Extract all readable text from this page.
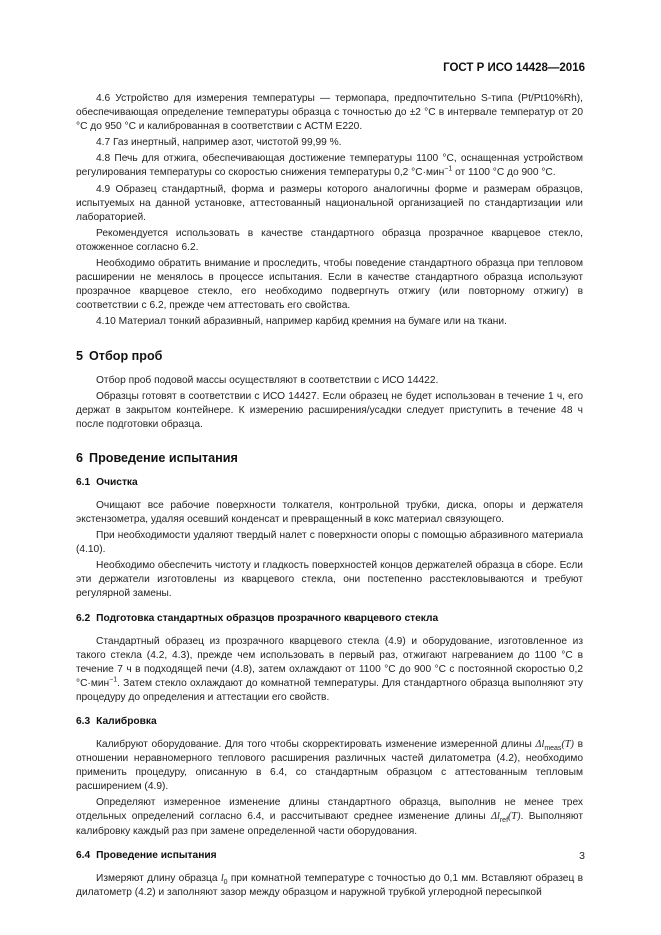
ГОСТ Р ИСО 14428—2016

4.6 Устройство для измерения температуры — термопара, предпочтительно S-типа (Pt/Pt10%Rh), обеспечивающая определение температуры образца с точностью до ±2 °С в интервале температур от 20 °С до 950 °С и калиброванная в соответствии с АСТМ Е220.

4.7 Газ инертный, например азот, чистотой 99,99 %.

4.8 Печь для отжига, обеспечивающая достижение температуры 1100 °С, оснащенная устройством регулирования температуры со скоростью снижения температуры 0,2 °С·мин$^{-1}$ от 1100 °С до 900 °С.

4.9 Образец стандартный, форма и размеры которого аналогичны форме и размерам образцов, испытуемых на данной установке, аттестованный национальной организацией по стандартизации или лабораторией.

Рекомендуется использовать в качестве стандартного образца прозрачное кварцевое стекло, отожженное согласно 6.2.

Необходимо обратить внимание и проследить, чтобы поведение стандартного образца при тепловом расширении не менялось в процессе испытания. Если в качестве стандартного образца используют прозрачное кварцевое стекло, его необходимо подвергнуть отжигу (или повторному отжигу) в соответствии с 6.2, прежде чем аттестовать его свойства.

4.10 Материал тонкий абразивный, например карбид кремния на бумаге или на ткани.

5 Отбор проб

Отбор проб подовой массы осуществляют в соответствии с ИСО 14422.

Образцы готовят в соответствии с ИСО 14427. Если образец не будет использован в течение 1 ч, его держат в закрытом контейнере. К измерению расширения/усадки следует приступить в течение 48 ч после подготовки образца.

6 Проведение испытания
6.1 Очистка

Очищают все рабочие поверхности толкателя, контрольной трубки, диска, опоры и держателя экстензометра, удаляя осевший конденсат и превращенный в кокс материал связующего.

При необходимости удаляют твердый налет с поверхности опоры с помощью абразивного материала (4.10).

Необходимо обеспечить чистоту и гладкость поверхностей концов держателей образца в сборе. Если эти держатели изготовлены из кварцевого стекла, они постепенно расстекловываются и требуют регулярной замены.

6.2 Подготовка стандартных образцов прозрачного кварцевого стекла

Стандартный образец из прозрачного кварцевого стекла (4.9) и оборудование, изготовленное из такого стекла (4.2, 4.3), прежде чем использовать в первый раз, отжигают нагреванием до 1100 °С в течение 7 ч в подходящей печи (4.8), затем охлаждают от 1100 °С до 900 °С с постоянной скоростью 0,2 °С·мин$^{-1}$. Затем стекло охлаждают до комнатной температуры. Для стандартного образца выполняют эту процедуру до определения и аттестации его свойств.

6.3 Калибровка

Калибруют оборудование. Для того чтобы скорректировать изменение измеренной длины $\Delta l_{meas}(T)$ в отношении неравномерного теплового расширения различных частей дилатометра (4.2), необходимо применить процедуру, описанную в 6.4, со стандартным образцом с аттестованным тепловым расширением (4.9).

Определяют измеренное изменение длины стандартного образца, выполнив не менее трех отдельных определений согласно 6.4, и рассчитывают среднее изменение длины $\Delta l_{ref}(T)$. Выполняют калибровку каждый раз при замене определенной части оборудования.

6.4 Проведение испытания

Измеряют длину образца $l_0$ при комнатной температуре с точностью до 0,1 мм. Вставляют образец в дилатометр (4.2) и заполняют зазор между образцом и наружной трубкой углеродной пересыпкой

3
